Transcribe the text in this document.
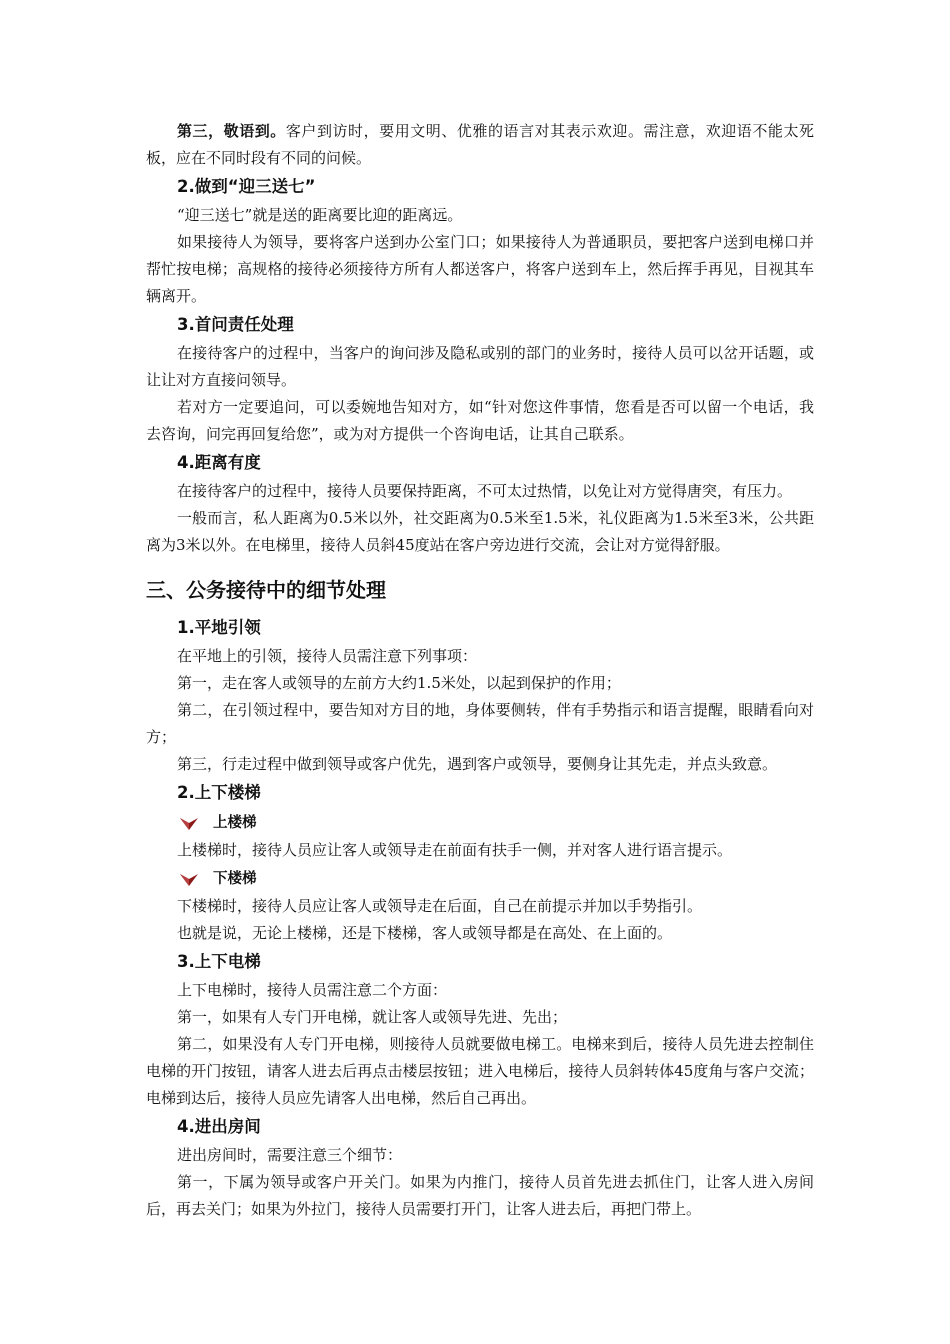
第三，敬语到。客户到访时，要用文明、优雅的语言对其表示欢迎。需注意，欢迎语不能太死板，应在不同时段有不同的问候。

2.做到“迎三送七”

“迎三送七”就是送的距离要比迎的距离远。

如果接待人为领导，要将客户送到办公室门口；如果接待人为普通职员，要把客户送到电梯口并帮忙按电梯；高规格的接待必须接待方所有人都送客户，将客户送到车上，然后挥手再见，目视其车辆离开。

3.首问责任处理

在接待客户的过程中，当客户的询问涉及隐私或别的部门的业务时，接待人员可以岔开话题，或让让对方直接问领导。

若对方一定要追问，可以委婉地告知对方，如“针对您这件事情，您看是否可以留一个电话，我去咨询，问完再回复给您”，或为对方提供一个咨询电话，让其自己联系。

4.距离有度

在接待客户的过程中，接待人员要保持距离，不可太过热情，以免让对方觉得唐突，有压力。

一般而言，私人距离为0.5米以外，社交距离为0.5米至1.5米，礼仪距离为1.5米至3米，公共距离为3米以外。在电梯里，接待人员斜45度站在客户旁边进行交流，会让对方觉得舒服。

三、公务接待中的细节处理
1.平地引领

在平地上的引领，接待人员需注意下列事项：

第一，走在客人或领导的左前方大约1.5米处，以起到保护的作用；

第二，在引领过程中，要告知对方目的地，身体要侧转，伴有手势指示和语言提醒，眼睛看向对方；

第三，行走过程中做到领导或客户优先，遇到客户或领导，要侧身让其先走，并点头致意。

2.上下楼梯
上楼梯

上楼梯时，接待人员应让客人或领导走在前面有扶手一侧，并对客人进行语言提示。

下楼梯

下楼梯时，接待人员应让客人或领导走在后面，自己在前提示并加以手势指引。

也就是说，无论上楼梯，还是下楼梯，客人或领导都是在高处、在上面的。

3.上下电梯

上下电梯时，接待人员需注意二个方面：

第一，如果有人专门开电梯，就让客人或领导先进、先出；

第二，如果没有人专门开电梯，则接待人员就要做电梯工。电梯来到后，接待人员先进去控制住电梯的开门按钮，请客人进去后再点击楼层按钮；进入电梯后，接待人员斜转体45度角与客户交流；电梯到达后，接待人员应先请客人出电梯，然后自己再出。

4.进出房间

进出房间时，需要注意三个细节：

第一，下属为领导或客户开关门。如果为内推门，接待人员首先进去抓住门，让客人进入房间后，再去关门；如果为外拉门，接待人员需要打开门，让客人进去后，再把门带上。
